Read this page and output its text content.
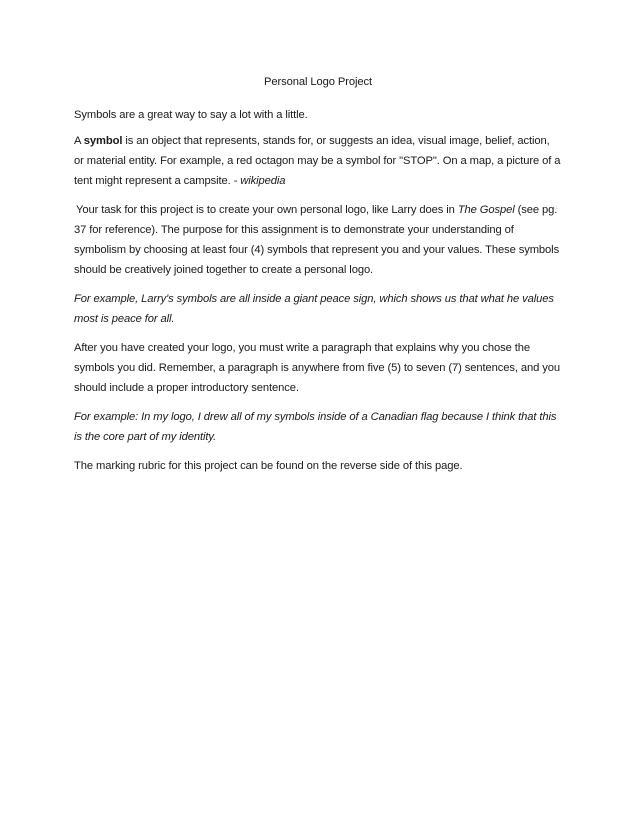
Personal Logo Project

Symbols are a great way to say a lot with a little.

A symbol is an object that represents, stands for, or suggests an idea, visual image, belief, action, or material entity. For example, a red octagon may be a symbol for "STOP". On a map, a picture of a tent might represent a campsite. - wikipedia

Your task for this project is to create your own personal logo, like Larry does in The Gospel (see pg. 37 for reference). The purpose for this assignment is to demonstrate your understanding of symbolism by choosing at least four (4) symbols that represent you and your values. These symbols should be creatively joined together to create a personal logo.

For example, Larry's symbols are all inside a giant peace sign, which shows us that what he values most is peace for all.

After you have created your logo, you must write a paragraph that explains why you chose the symbols you did. Remember, a paragraph is anywhere from five (5) to seven (7) sentences, and you should include a proper introductory sentence.

For example: In my logo, I drew all of my symbols inside of a Canadian flag because I think that this is the core part of my identity.

The marking rubric for this project can be found on the reverse side of this page.
